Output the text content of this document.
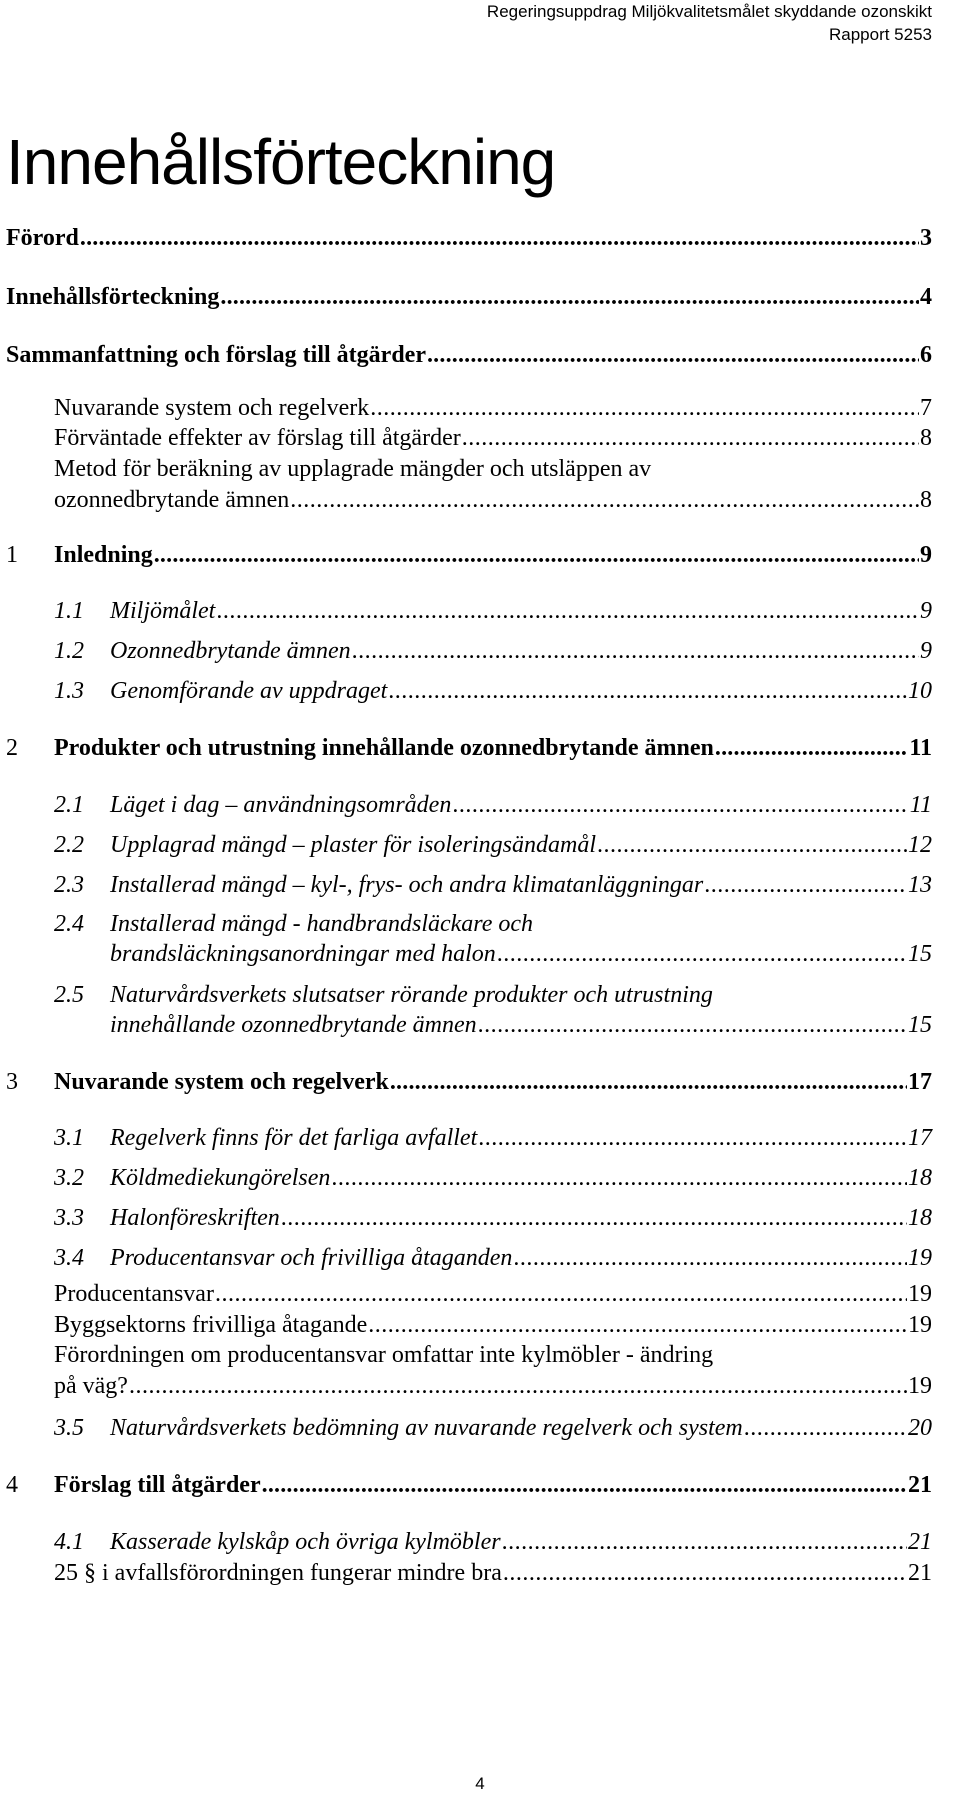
Regeringsuppdrag Miljökvalitetsmålet skyddande ozonskikt
Rapport 5253
Innehållsförteckning
Förord .....	3
Innehållsförteckning .....	4
Sammanfattning och förslag till åtgärder .....	6
Nuvarande system och regelverk .....	7
Förväntade effekter av förslag till åtgärder .....	8
Metod för beräkning av upplagrade mängder och utsläppen av
ozonnedbrytande ämnen .....	8
1 Inledning .....	9
1.1 Miljömålet .....	9
1.2 Ozonnedbrytande ämnen .....	9
1.3 Genomförande av uppdraget .....	10
2 Produkter och utrustning innehållande ozonnedbrytande ämnen .....	11
2.1 Läget i dag – användningsområden .....	11
2.2 Upplagrad mängd – plaster för isoleringsändamål .....	12
2.3 Installerad mängd – kyl-, frys- och andra klimatanläggningar .....	13
2.4 Installerad mängd - handbrandsläckare och
brandsläckningsanordningar med halon .....	15
2.5 Naturvårdsverkets slutsatser rörande produkter och utrustning
innehållande ozonnedbrytande ämnen .....	15
3 Nuvarande system och regelverk .....	17
3.1 Regelverk finns för det farliga avfallet .....	17
3.2 Köldmediekungörelsen .....	18
3.3 Halonföreskriften .....	18
3.4 Producentansvar och frivilliga åtaganden .....	19
Producentansvar .....	19
Byggsektorns frivilliga åtagande .....	19
Förordningen om producentansvar omfattar inte kylmöbler - ändring
på väg? .....	19
3.5 Naturvårdsverkets bedömning av nuvarande regelverk och system .....	20
4 Förslag till åtgärder .....	21
4.1 Kasserade kylskåp och övriga kylmöbler .....	21
25 § i avfallsförordningen fungerar mindre bra .....	21
4
